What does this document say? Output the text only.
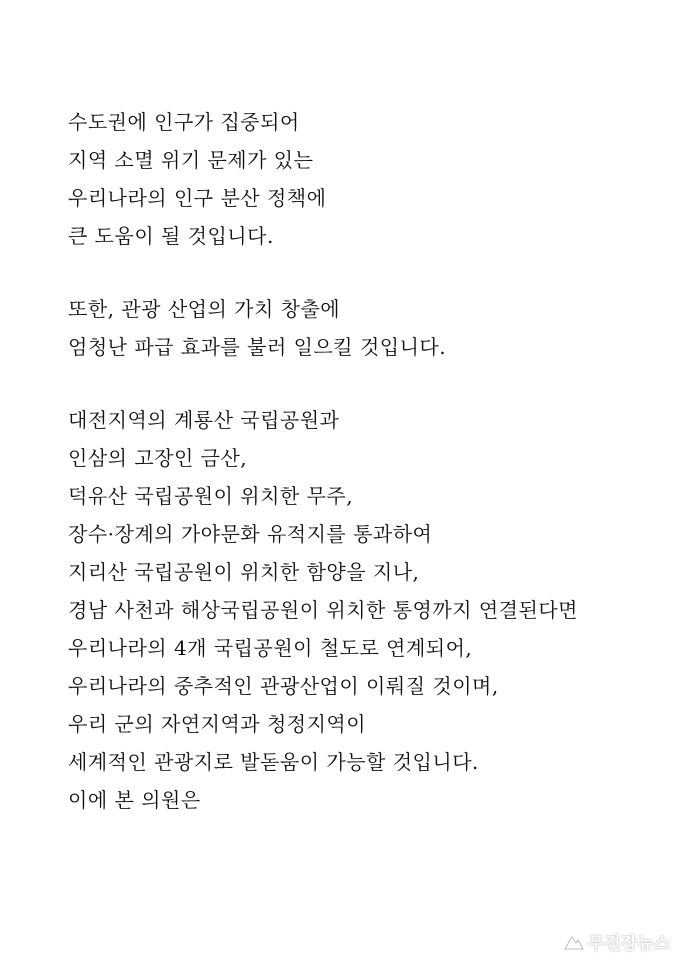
수도권에 인구가 집중되어
지역 소멸 위기 문제가 있는
우리나라의 인구 분산 정책에
큰 도움이 될 것입니다.
또한, 관광 산업의 가치 창출에
엄청난 파급 효과를 불러 일으킬 것입니다.
대전지역의 계룡산 국립공원과
인삼의 고장인 금산,
덕유산 국립공원이 위치한 무주,
장수·장계의 가야문화 유적지를 통과하여
지리산 국립공원이 위치한 함양을 지나,
경남 사천과 해상국립공원이 위치한 통영까지 연결된다면
우리나라의 4개 국립공원이 철도로 연계되어,
우리나라의 중추적인 관광산업이 이뤄질 것이며,
우리 군의 자연지역과 청정지역이
세계적인 관광지로 발돋움이 가능할 것입니다.
이에 본 의원은
무진장뉴스
